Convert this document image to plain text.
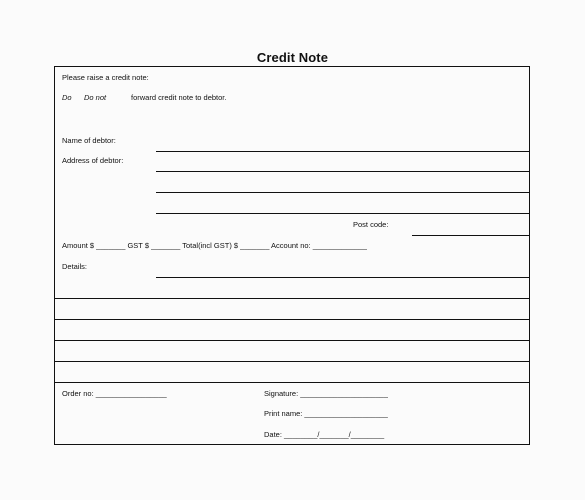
Credit Note
Please raise a credit note:
Do Do not	forward credit note to debtor.
Name of debtor:
Address of debtor:
Post code:
Amount $ _______ GST $ _______ Total(incl GST) $ _______ Account no: _____________
Details:
Order no: _________________	Signature: _____________________
Print name: ____________________
Date: ________/_______/________
